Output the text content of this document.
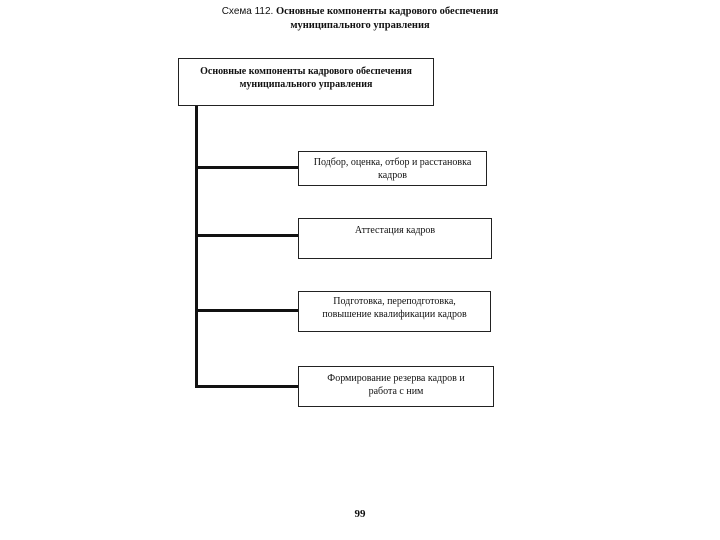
Схема 112. Основные компоненты кадрового обеспечения
муниципального управления
Основные компоненты кадрового обеспечения
муниципального управления
Подбор, оценка, отбор и расстановка
кадров
Аттестация кадров
Подготовка, переподготовка,
повышение квалификации кадров
Формирование резерва кадров и
работа с ним
99
